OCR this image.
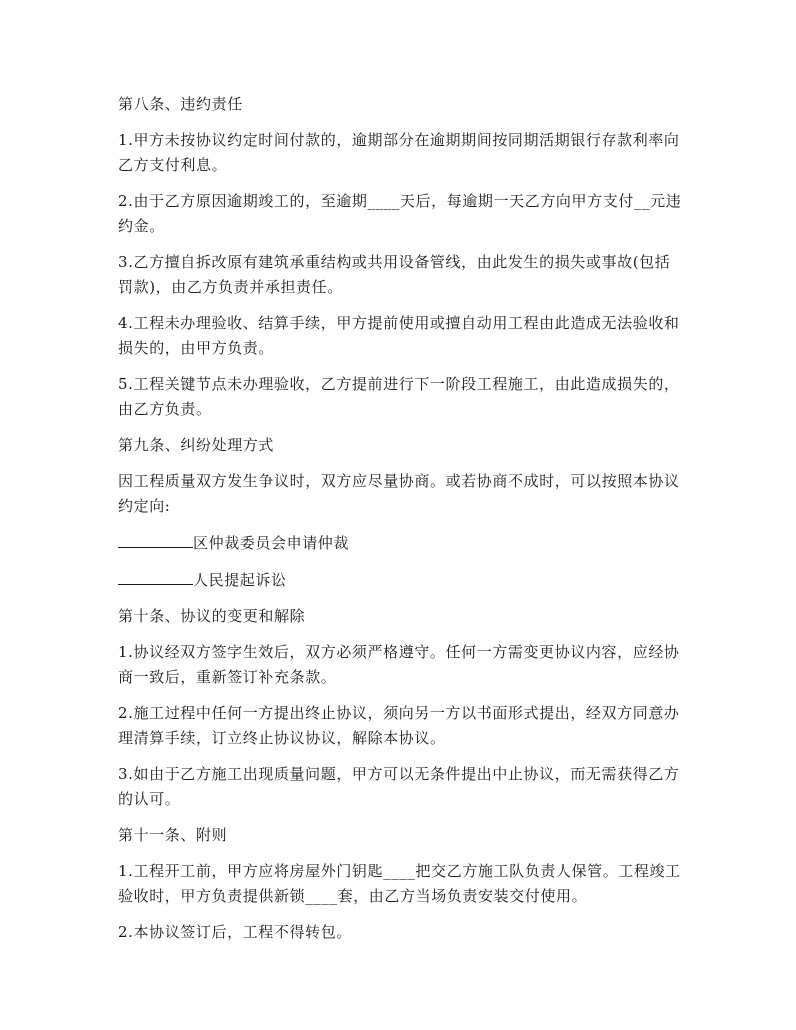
第八条、违约责任

1.甲方未按协议约定时间付款的，逾期部分在逾期期间按同期活期银行存款利率向乙方支付利息。

2.由于乙方原因逾期竣工的，至逾期____天后，每逾期一天乙方向甲方支付__元违约金。

3.乙方擅自拆改原有建筑承重结构或共用设备管线，由此发生的损失或事故(包括罚款)，由乙方负责并承担责任。

4.工程未办理验收、结算手续，甲方提前使用或擅自动用工程由此造成无法验收和损失的，由甲方负责。

5.工程关键节点未办理验收，乙方提前进行下一阶段工程施工，由此造成损失的，由乙方负责。

第九条、纠纷处理方式

因工程质量双方发生争议时，双方应尽量协商。或若协商不成时，可以按照本协议约定向:

区仲裁委员会申请仲裁

人民提起诉讼

第十条、协议的变更和解除

1.协议经双方签字生效后，双方必须严格遵守。任何一方需变更协议内容，应经协商一致后，重新签订补充条款。

2.施工过程中任何一方提出终止协议，须向另一方以书面形式提出，经双方同意办理清算手续，订立终止协议协议，解除本协议。

3.如由于乙方施工出现质量问题，甲方可以无条件提出中止协议，而无需获得乙方的认可。

第十一条、附则

1.工程开工前，甲方应将房屋外门钥匙____把交乙方施工队负责人保管。工程竣工验收时，甲方负责提供新锁____套，由乙方当场负责安装交付使用。

2.本协议签订后，工程不得转包。
